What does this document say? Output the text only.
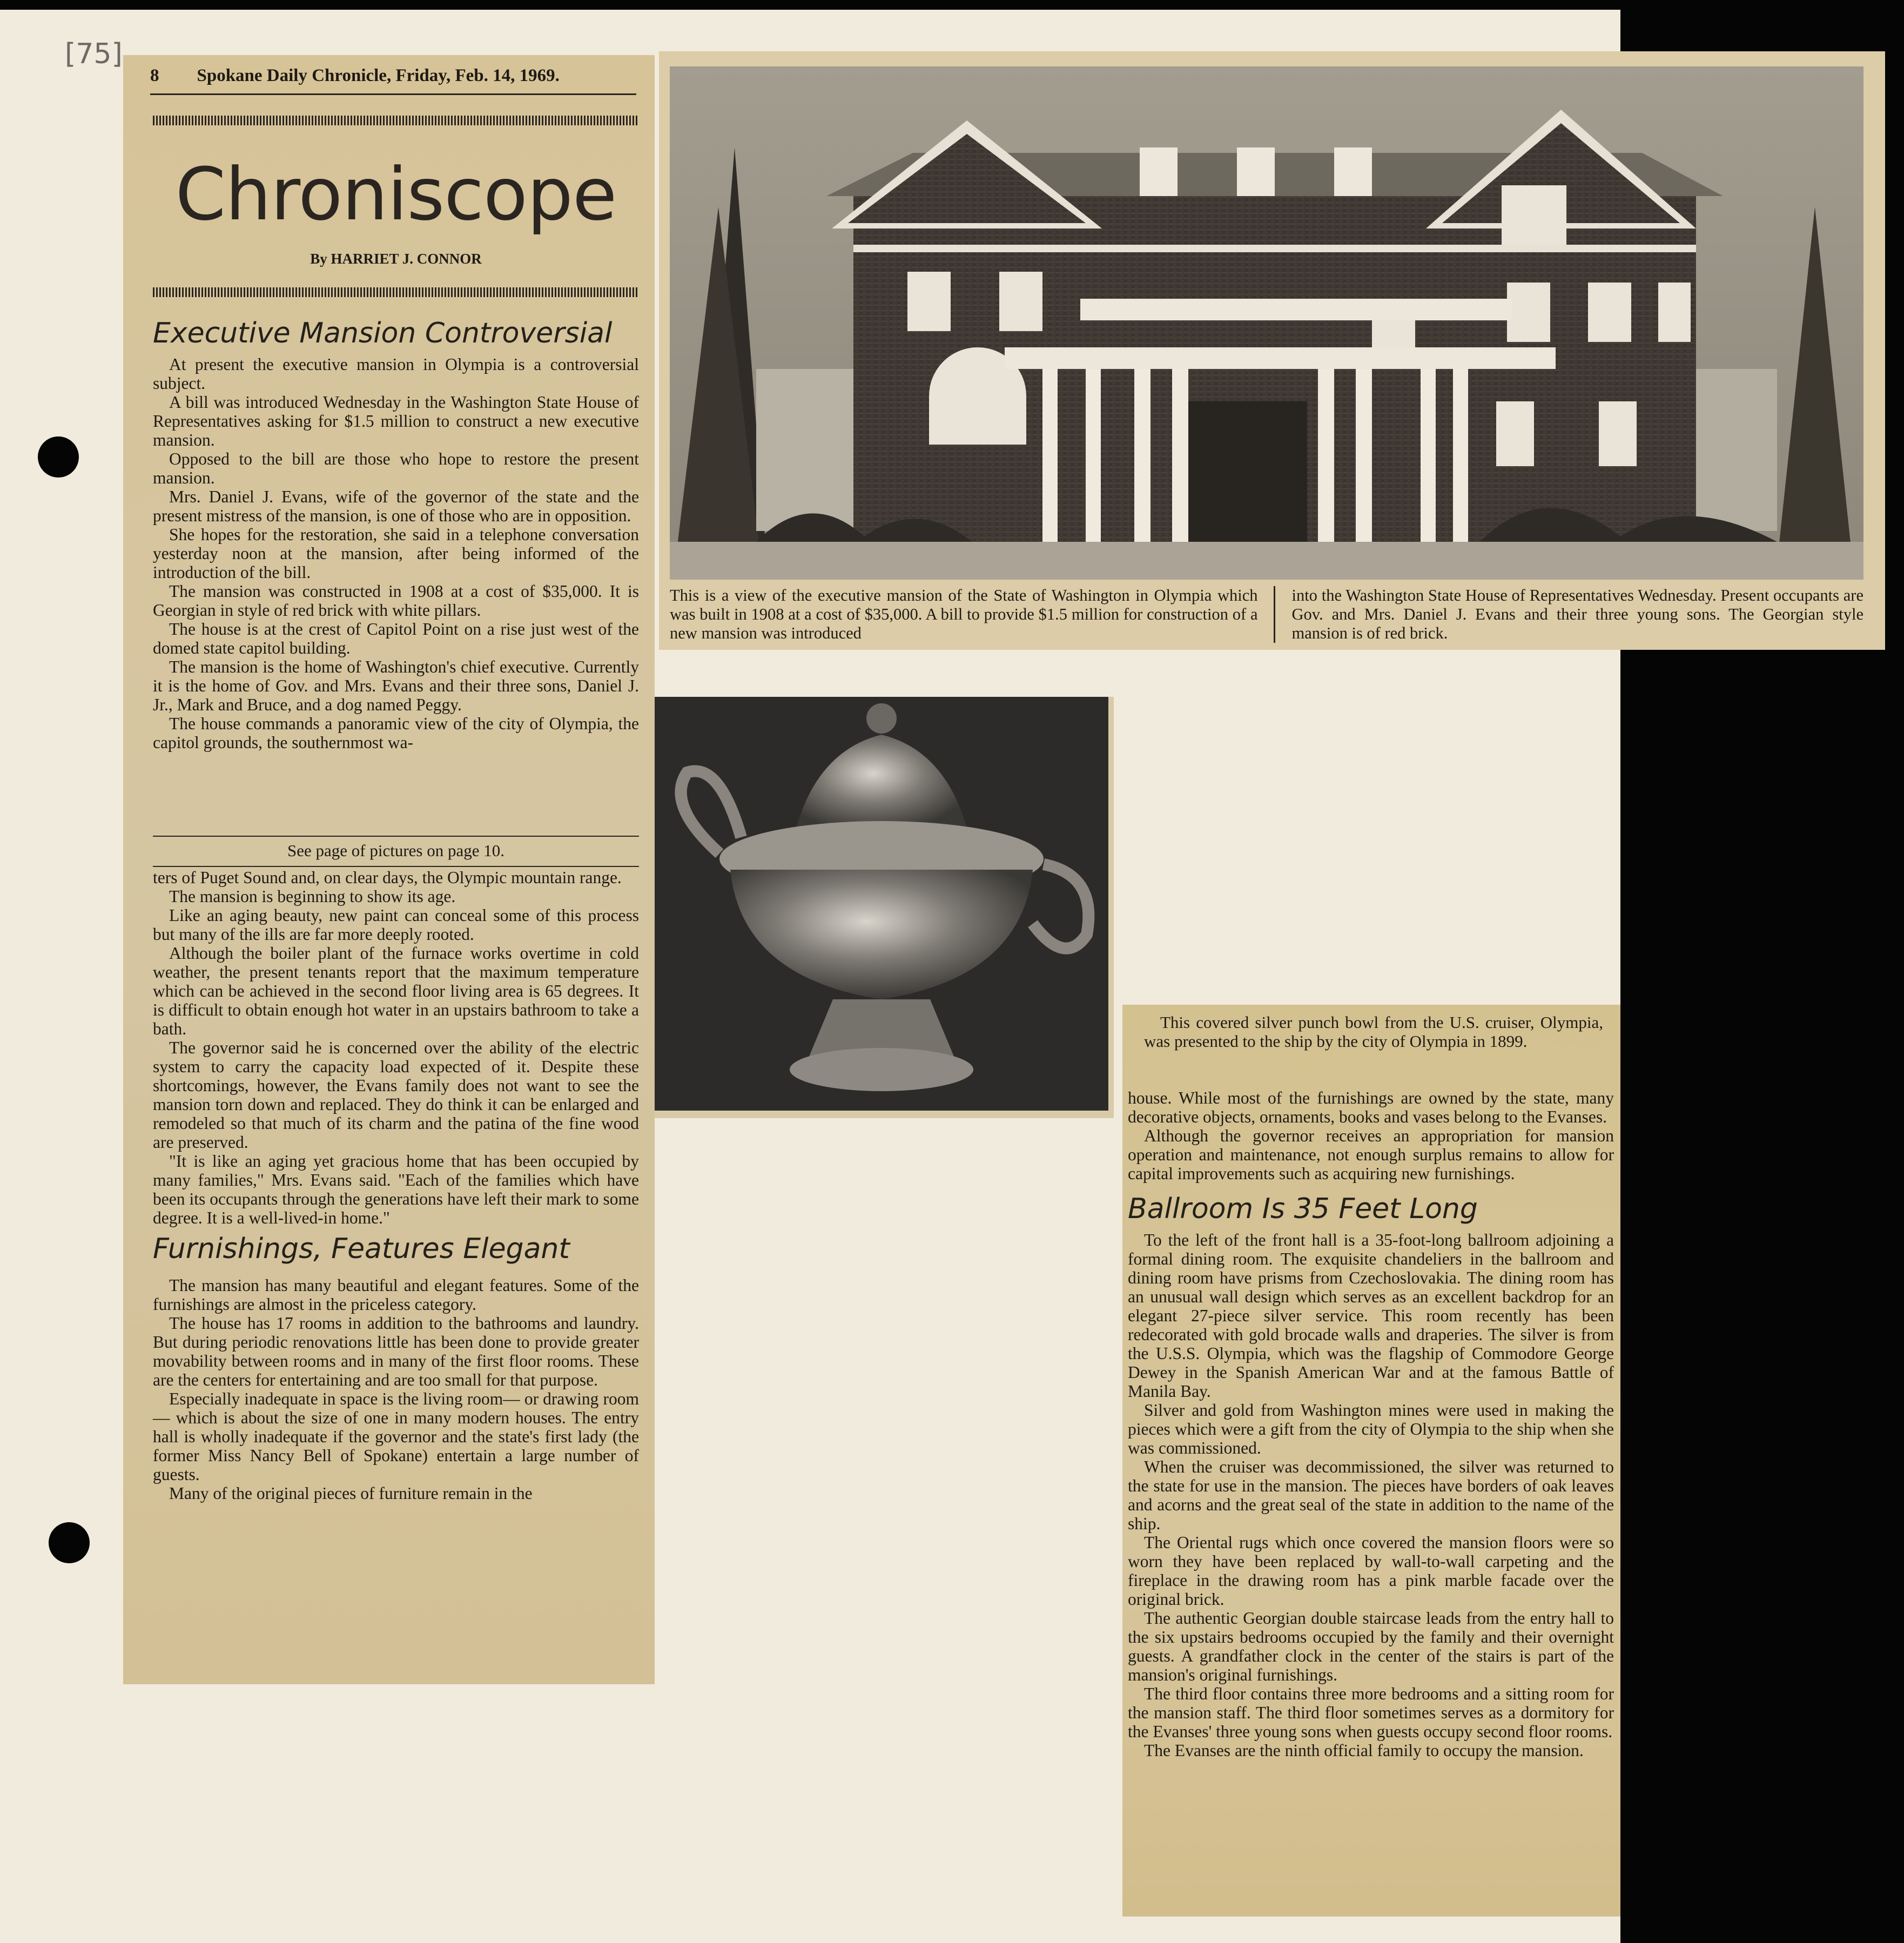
[75]
8 Spokane Daily Chronicle, Friday, Feb. 14, 1969.
Chroniscope
By HARRIET J. CONNOR
Executive Mansion Controversial

At present the executive mansion in Olympia is a controversial subject.

A bill was introduced Wednesday in the Washington State House of Representatives asking for $1.5 million to construct a new executive mansion.

Opposed to the bill are those who hope to restore the present mansion.

Mrs. Daniel J. Evans, wife of the governor of the state and the present mistress of the mansion, is one of those who are in opposition.

She hopes for the restoration, she said in a telephone conversation yesterday noon at the mansion, after being informed of the introduction of the bill.

The mansion was constructed in 1908 at a cost of $35,000. It is Georgian in style of red brick with white pillars.

The house is at the crest of Capitol Point on a rise just west of the domed state capitol building.

The mansion is the home of Washington's chief executive. Currently it is the home of Gov. and Mrs. Evans and their three sons, Daniel J. Jr., Mark and Bruce, and a dog named Peggy.

The house commands a panoramic view of the city of Olympia, the capitol grounds, the southernmost wa-

See page of pictures on page 10.

ters of Puget Sound and, on clear days, the Olympic mountain range.

The mansion is beginning to show its age.

Like an aging beauty, new paint can conceal some of this process but many of the ills are far more deeply rooted.

Although the boiler plant of the furnace works overtime in cold weather, the present tenants report that the maximum temperature which can be achieved in the second floor living area is 65 degrees. It is difficult to obtain enough hot water in an upstairs bathroom to take a bath.

The governor said he is concerned over the ability of the electric system to carry the capacity load expected of it. Despite these shortcomings, however, the Evans family does not want to see the mansion torn down and replaced. They do think it can be enlarged and remodeled so that much of its charm and the patina of the fine wood are preserved.

"It is like an aging yet gracious home that has been occupied by many families," Mrs. Evans said. "Each of the families which have been its occupants through the generations have left their mark to some degree. It is a well-lived-in home."

Furnishings, Features Elegant

The mansion has many beautiful and elegant features. Some of the furnishings are almost in the priceless category.

The house has 17 rooms in addition to the bathrooms and laundry. But during periodic renovations little has been done to provide greater movability between rooms and in many of the first floor rooms. These are the centers for entertaining and are too small for that purpose.

Especially inadequate in space is the living room— or drawing room — which is about the size of one in many modern houses. The entry hall is wholly inadequate if the governor and the state's first lady (the former Miss Nancy Bell of Spokane) entertain a large number of guests.

Many of the original pieces of furniture remain in the

This is a view of the executive mansion of the State of Washington in Olympia which was built in 1908 at a cost of $35,000. A bill to provide $1.5 million for construction of a new mansion was introduced
into the Washington State House of Representatives Wednesday. Present occupants are Gov. and Mrs. Daniel J. Evans and their three young sons. The Georgian style mansion is of red brick.

This covered silver punch bowl from the U.S. cruiser, Olympia, was presented to the ship by the city of Olympia in 1899.

house. While most of the furnishings are owned by the state, many decorative objects, ornaments, books and vases belong to the Evanses.

Although the governor receives an appropriation for mansion operation and maintenance, not enough surplus remains to allow for capital improvements such as acquiring new furnishings.

Ballroom Is 35 Feet Long

To the left of the front hall is a 35-foot-long ballroom adjoining a formal dining room. The exquisite chandeliers in the ballroom and dining room have prisms from Czechoslovakia. The dining room has an unusual wall design which serves as an excellent backdrop for an elegant 27-piece silver service. This room recently has been redecorated with gold brocade walls and draperies. The silver is from the U.S.S. Olympia, which was the flagship of Commodore George Dewey in the Spanish American War and at the famous Battle of Manila Bay.

Silver and gold from Washington mines were used in making the pieces which were a gift from the city of Olympia to the ship when she was commissioned.

When the cruiser was decommissioned, the silver was returned to the state for use in the mansion. The pieces have borders of oak leaves and acorns and the great seal of the state in addition to the name of the ship.

The Oriental rugs which once covered the mansion floors were so worn they have been replaced by wall-to-wall carpeting and the fireplace in the drawing room has a pink marble facade over the original brick.

The authentic Georgian double staircase leads from the entry hall to the six upstairs bedrooms occupied by the family and their overnight guests. A grandfather clock in the center of the stairs is part of the mansion's original furnishings.

The third floor contains three more bedrooms and a sitting room for the mansion staff. The third floor sometimes serves as a dormitory for the Evanses' three young sons when guests occupy second floor rooms.

The Evanses are the ninth official family to occupy the mansion.
